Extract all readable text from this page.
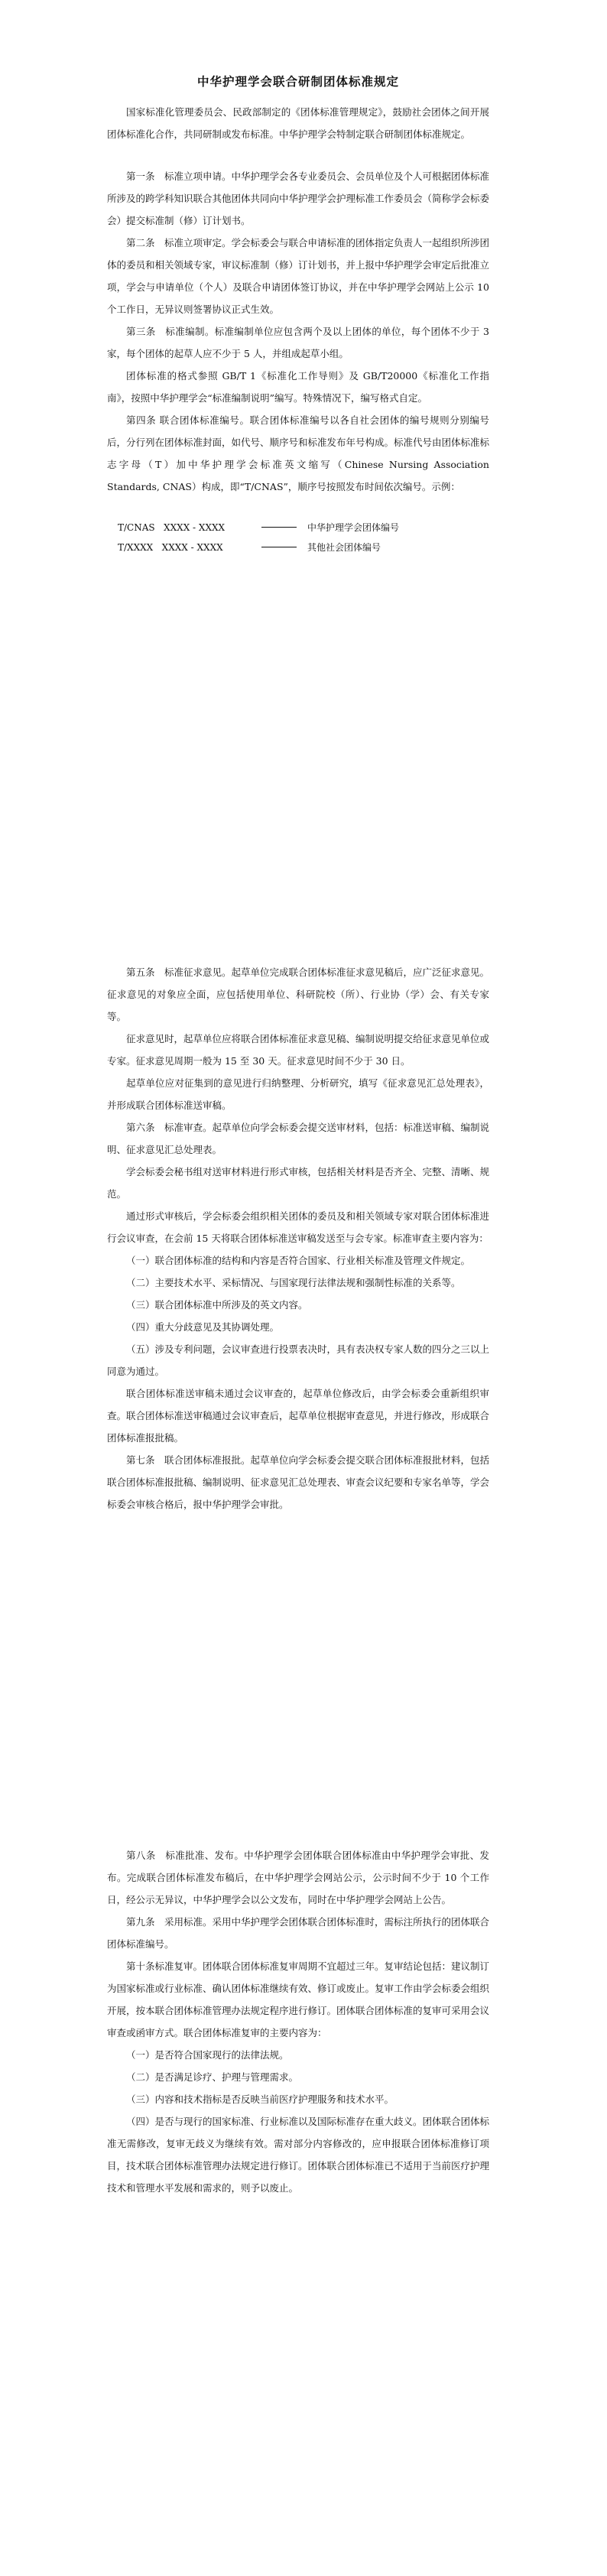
中华护理学会联合研制团体标准规定

国家标准化管理委员会、民政部制定的《团体标准管理规定》，鼓励社会团体之间开展团体标准化合作，共同研制或发布标准。中华护理学会特制定联合研制团体标准规定。

第一条　标准立项申请。中华护理学会各专业委员会、会员单位及个人可根据团体标准所涉及的跨学科知识联合其他团体共同向中华护理学会护理标准工作委员会（简称学会标委会）提交标准制（修）订计划书。

第二条　标准立项审定。学会标委会与联合申请标准的团体指定负责人一起组织所涉团体的委员和相关领域专家，审议标准制（修）订计划书，并上报中华护理学会审定后批准立项，学会与申请单位（个人）及联合申请团体签订协议，并在中华护理学会网站上公示 10 个工作日，无异议则签署协议正式生效。

第三条　标准编制。标准编制单位应包含两个及以上团体的单位，每个团体不少于 3 家，每个团体的起草人应不少于 5 人，并组成起草小组。

团体标准的格式参照 GB/T 1《标准化工作导则》及 GB/T20000《标准化工作指南》，按照中华护理学会“标准编制说明”编写。特殊情况下，编写格式自定。

第四条 联合团体标准编号。联合团体标准编号以各自社会团体的编号规则分别编号后，分行列在团体标准封面，如代号、顺序号和标准发布年号构成。标准代号由团体标准标志字母（T）加中华护理学会标准英文缩写（Chinese Nursing Association Standards, CNAS）构成，即“T/CNAS”，顺序号按照发布时间依次编号。示例：

T/CNAS   XXXX - XXXX	中华护理学会团体编号
T/XXXX   XXXX - XXXX	其他社会团体编号

第五条　标准征求意见。起草单位完成联合团体标准征求意见稿后，应广泛征求意见。征求意见的对象应全面，应包括使用单位、科研院校（所）、行业协（学）会、有关专家等。

征求意见时，起草单位应将联合团体标准征求意见稿、编制说明提交给征求意见单位或专家。征求意见周期一般为 15 至 30 天。征求意见时间不少于 30 日。

起草单位应对征集到的意见进行归纳整理、分析研究，填写《征求意见汇总处理表》，并形成联合团体标准送审稿。

第六条　标准审查。起草单位向学会标委会提交送审材料，包括：标准送审稿、编制说明、征求意见汇总处理表。

学会标委会秘书组对送审材料进行形式审核，包括相关材料是否齐全、完整、清晰、规范。

通过形式审核后，学会标委会组织相关团体的委员及和相关领域专家对联合团体标准进行会议审查，在会前 15 天将联合团体标准送审稿发送至与会专家。标准审查主要内容为：

（一）联合团体标准的结构和内容是否符合国家、行业相关标准及管理文件规定。

（二）主要技术水平、采标情况、与国家现行法律法规和强制性标准的关系等。

（三）联合团体标准中所涉及的英文内容。

（四）重大分歧意见及其协调处理。

（五）涉及专利问题，会议审查进行投票表决时，具有表决权专家人数的四分之三以上同意为通过。

联合团体标准送审稿未通过会议审查的，起草单位修改后，由学会标委会重新组织审查。联合团体标准送审稿通过会议审查后，起草单位根据审查意见，并进行修改，形成联合团体标准报批稿。

第七条　联合团体标准报批。起草单位向学会标委会提交联合团体标准报批材料，包括联合团体标准报批稿、编制说明、征求意见汇总处理表、审查会议纪要和专家名单等，学会标委会审核合格后，报中华护理学会审批。

第八条　标准批准、发布。中华护理学会团体联合团体标准由中华护理学会审批、发布。完成联合团体标准发布稿后，在中华护理学会网站公示，公示时间不少于 10 个工作日，经公示无异议，中华护理学会以公文发布，同时在中华护理学会网站上公告。

第九条　采用标准。采用中华护理学会团体联合团体标准时，需标注所执行的团体联合团体标准编号。

第十条标准复审。团体联合团体标准复审周期不宜超过三年。复审结论包括：建议制订为国家标准或行业标准、确认团体标准继续有效、修订或废止。复审工作由学会标委会组织开展，按本联合团体标准管理办法规定程序进行修订。团体联合团体标准的复审可采用会议审查或函审方式。联合团体标准复审的主要内容为：

（一）是否符合国家现行的法律法规。

（二）是否满足诊疗、护理与管理需求。

（三）内容和技术指标是否反映当前医疗护理服务和技术水平。

（四）是否与现行的国家标准、行业标准以及国际标准存在重大歧义。团体联合团体标准无需修改，复审无歧义为继续有效。需对部分内容修改的，应申报联合团体标准修订项目，技术联合团体标准管理办法规定进行修订。团体联合团体标准已不适用于当前医疗护理技术和管理水平发展和需求的，则予以废止。
